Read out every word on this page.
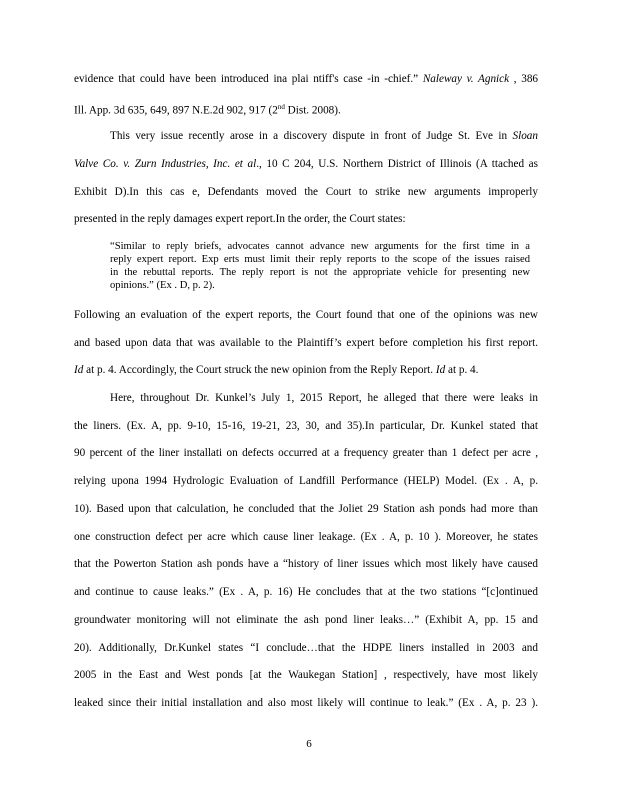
evidence that could have been introduced ina plai ntiff's case -in -chief.” Naleway v. Agnick , 386
Ill. App. 3d 635, 649, 897 N.E.2d 902, 917 (2nd Dist. 2008).
This very issue recently arose in a discovery dispute in front of Judge St. Eve in Sloan
Valve Co. v. Zurn Industries, Inc. et al., 10 C 204, U.S. Northern District of Illinois (A ttached as
Exhibit D).In this cas e, Defendants moved the Court to strike new arguments improperly
presented in the reply damages expert report.In the order, the Court states:
“Similar to reply briefs, advocates cannot advance new arguments for the first time in a
reply expert report. Exp erts must limit their reply reports to the scope of the issues raised
in the rebuttal reports. The reply report is not the appropriate vehicle for presenting new
opinions.” (Ex . D, p. 2).
Following an evaluation of the expert reports, the Court found that one of the opinions was new
and based upon data that was available to the Plaintiff’s expert before completion his first report.
Id at p. 4. Accordingly, the Court struck the new opinion from the Reply Report. Id at p. 4.
Here, throughout Dr. Kunkel’s July 1, 2015 Report, he alleged that there were leaks in
the liners. (Ex. A, pp. 9-10, 15-16, 19-21, 23, 30, and 35).In particular, Dr. Kunkel stated that
90 percent of the liner installati on defects occurred at a frequency greater than 1 defect per acre ,
relying upona 1994 Hydrologic Evaluation of Landfill Performance (HELP) Model. (Ex . A, p.
10). Based upon that calculation, he concluded that the Joliet 29 Station ash ponds had more than
one construction defect per acre which cause liner leakage. (Ex . A, p. 10 ). Moreover, he states
that the Powerton Station ash ponds have a “history of liner issues which most likely have caused
and continue to cause leaks.” (Ex . A, p. 16) He concludes that at the two stations “[c]ontinued
groundwater monitoring will not eliminate the ash pond liner leaks…” (Exhibit A, pp. 15 and
20). Additionally, Dr.Kunkel states “I conclude…that the HDPE liners installed in 2003 and
2005 in the East and West ponds [at the Waukegan Station] , respectively, have most likely
leaked since their initial installation and also most likely will continue to leak.” (Ex . A, p. 23 ).
6
